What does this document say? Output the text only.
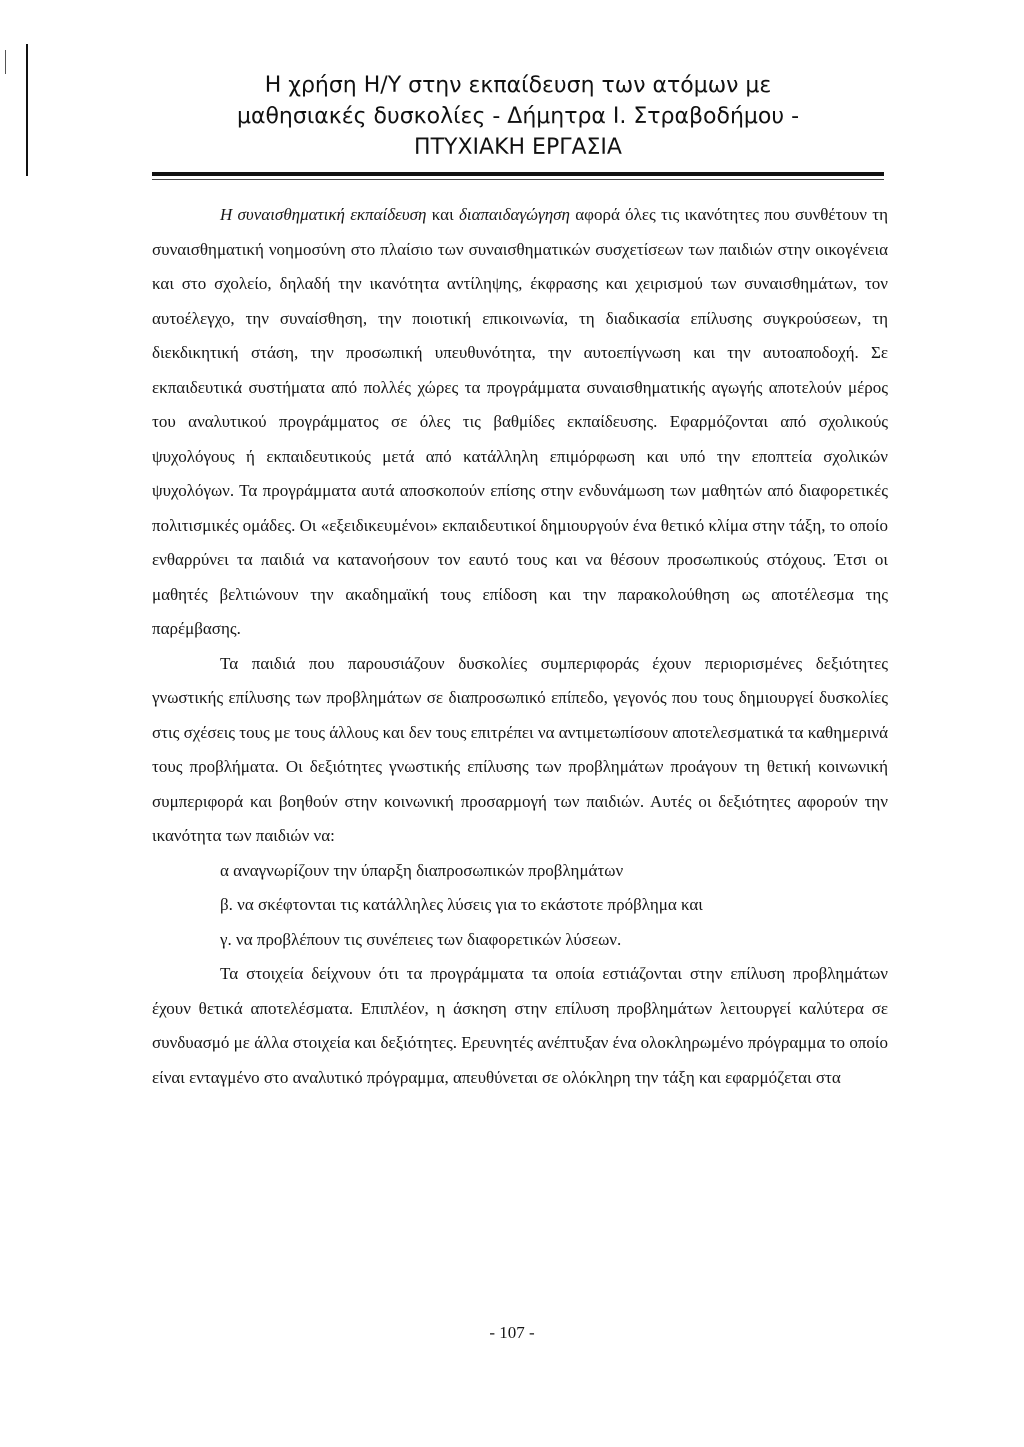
Η χρήση Η/Υ στην εκπαίδευση των ατόμων με
μαθησιακές δυσκολίες - Δήμητρα Ι. Στραβοδήμου -
ΠΤΥΧΙΑΚΗ ΕΡΓΑΣΙΑ

Η συναισθηματική εκπαίδευση και διαπαιδαγώγηση αφορά όλες τις ικανότητες που συνθέτουν τη συναισθηματική νοημοσύνη στο πλαίσιο των συναισθηματικών συσχετίσεων των παιδιών στην οικογένεια και στο σχολείο, δηλαδή την ικανότητα αντίληψης, έκφρασης και χειρισμού των συναισθημάτων, τον αυτοέλεγχο, την συναίσθηση, την ποιοτική επικοινωνία, τη διαδικασία επίλυσης συγκρούσεων, τη διεκδικητική στάση, την προσωπική υπευθυνότητα, την αυτοεπίγνωση και την αυτοαποδοχή. Σε εκπαιδευτικά συστήματα από πολλές χώρες τα προγράμματα συναισθηματικής αγωγής αποτελούν μέρος του αναλυτικού προγράμματος σε όλες τις βαθμίδες εκπαίδευσης. Εφαρμόζονται από σχολικούς ψυχολόγους ή εκπαιδευτικούς μετά από κατάλληλη επιμόρφωση και υπό την εποπτεία σχολικών ψυχολόγων. Τα προγράμματα αυτά αποσκοπούν επίσης στην ενδυνάμωση των μαθητών από διαφορετικές πολιτισμικές ομάδες. Οι «εξειδικευμένοι» εκπαιδευτικοί δημιουργούν ένα θετικό κλίμα στην τάξη, το οποίο ενθαρρύνει τα παιδιά να κατανοήσουν τον εαυτό τους και να θέσουν προσωπικούς στόχους. Έτσι οι μαθητές βελτιώνουν την ακαδημαϊκή τους επίδοση και την παρακολούθηση ως αποτέλεσμα της παρέμβασης.

Τα παιδιά που παρουσιάζουν δυσκολίες συμπεριφοράς έχουν περιορισμένες δεξιότητες γνωστικής επίλυσης των προβλημάτων σε διαπροσωπικό επίπεδο, γεγονός που τους δημιουργεί δυσκολίες στις σχέσεις τους με τους άλλους και δεν τους επιτρέπει να αντιμετωπίσουν αποτελεσματικά τα καθημερινά τους προβλήματα. Οι δεξιότητες γνωστικής επίλυσης των προβλημάτων προάγουν τη θετική κοινωνική συμπεριφορά και βοηθούν στην κοινωνική προσαρμογή των παιδιών. Αυτές οι δεξιότητες αφορούν την ικανότητα των παιδιών να:

α αναγνωρίζουν την ύπαρξη διαπροσωπικών προβλημάτων
β. να σκέφτονται τις κατάλληλες λύσεις για το εκάστοτε πρόβλημα και
γ. να προβλέπουν τις συνέπειες των διαφορετικών λύσεων.

Τα στοιχεία δείχνουν ότι τα προγράμματα τα οποία εστιάζονται στην επίλυση προβλημάτων έχουν θετικά αποτελέσματα. Επιπλέον, η άσκηση στην επίλυση προβλημάτων λειτουργεί καλύτερα σε συνδυασμό με άλλα στοιχεία και δεξιότητες. Ερευνητές ανέπτυξαν ένα ολοκληρωμένο πρόγραμμα το οποίο είναι ενταγμένο στο αναλυτικό πρόγραμμα, απευθύνεται σε ολόκληρη την τάξη και εφαρμόζεται στα

- 107 -
